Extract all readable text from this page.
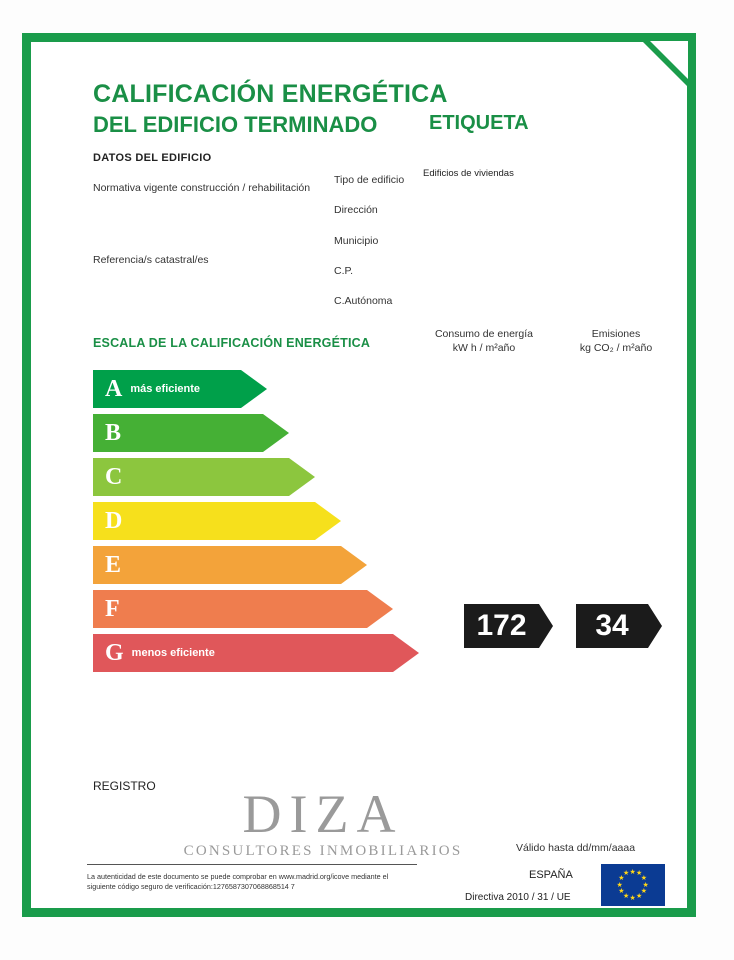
CALIFICACIÓN ENERGÉTICA
DEL EDIFICIO TERMINADO	ETIQUETA
DATOS DEL EDIFICIO
Normativa vigente construcción / rehabilitación
Referencia/s catastral/es
Tipo de edificio
Edificios de viviendas
Dirección
Municipio
C.P.
C.Autónoma
ESCALA DE LA CALIFICACIÓN ENERGÉTICA
Consumo de energía
kW h / m²año
Emisiones
kg CO₂ / m²año
A más eficiente
B
C
D
E
F
G menos eficiente
172	34
REGISTRO	DIZA
CONSULTORES INMOBILIARIOS	Válido hasta dd/mm/aaaa
La autenticidad de este documento se puede comprobar en www.madrid.org/icove mediante el siguiente código seguro de verificación:1276587307068868514 7
ESPAÑA
Directiva 2010 / 31 / UE
★ ★
★
★
★
★
★
★
★
★
★
★
